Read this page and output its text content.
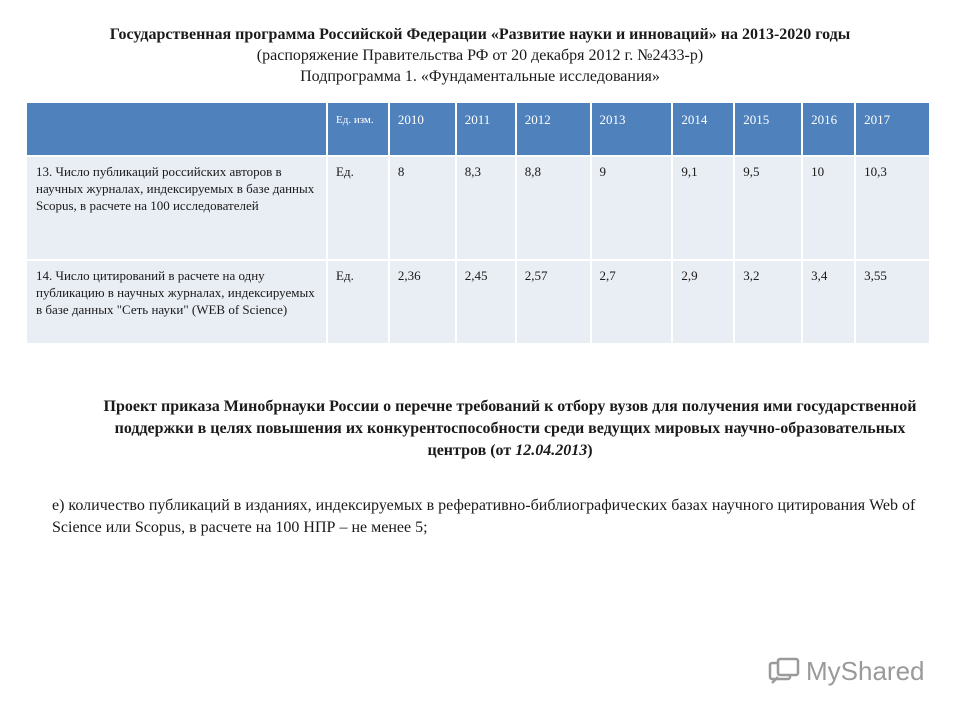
Государственная программа Российской Федерации «Развитие науки и инноваций» на 2013-2020 годы
(распоряжение Правительства РФ от 20 декабря 2012 г. №2433-р)
Подпрограмма 1. «Фундаментальные исследования»
	Ед. изм.	2010	2011	2012	2013	2014	2015	2016	2017
13. Число публикаций российских авторов в научных журналах, индексируемых в базе данных Scopus, в расчете на 100 исследователей	Ед.	8	8,3	8,8	9	9,1	9,5	10	10,3
14. Число цитирований в расчете на одну публикацию в научных журналах, индексируемых в базе данных "Сеть науки" (WEB of Science)	Ед.	2,36	2,45	2,57	2,7	2,9	3,2	3,4	3,55
Проект приказа Минобрнауки России о перечне требований к отбору вузов для получения ими государственной поддержки в целях повышения их конкурентоспособности среди ведущих мировых научно-образовательных центров (от 12.04.2013)
е) количество публикаций в изданиях, индексируемых в реферативно-библиографических базах научного цитирования Web of Science или Scopus, в расчете на 100 НПР – не менее 5;
MyShared
